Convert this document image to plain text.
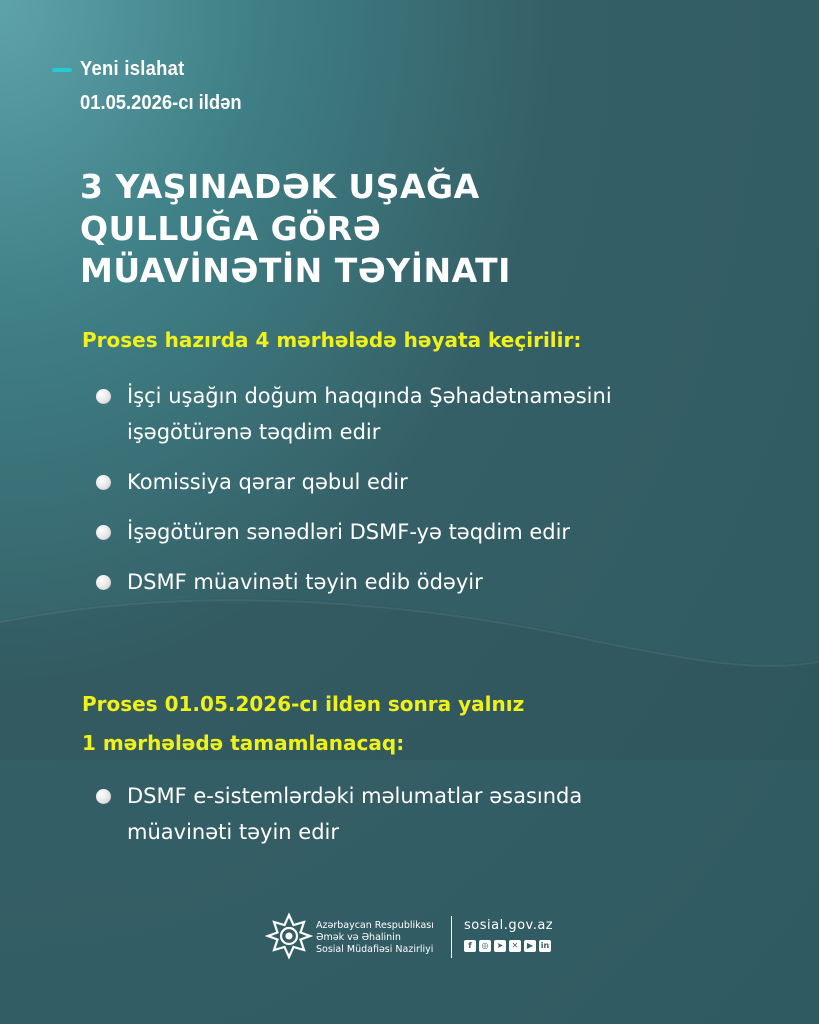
Yeni islahat
01.05.2026-cı ildən
3 YAŞINADƏK UŞAĞA
QULLUĞA GÖRƏ
MÜAVİNƏTİN TƏYİNATI
Proses hazırda 4 mərhələdə həyata keçirilir:
İşçi uşağın doğum haqqında Şəhadətnaməsini
işəgötürənə təqdim edir
Komissiya qərar qəbul edir
İşəgötürən sənədləri DSMF-yə təqdim edir
DSMF müavinəti təyin edib ödəyir
Proses 01.05.2026-cı ildən sonra yalnız
1 mərhələdə tamamlanacaq:
DSMF e-sistemlərdəki məlumatlar əsasında
müavinəti təyin edir
Azərbaycan Respublikası
Əmək və Əhalinin
Sosial Müdafiəsi Nazirliyi
sosial.gov.az
f	◎	➤	✕	▶ in
